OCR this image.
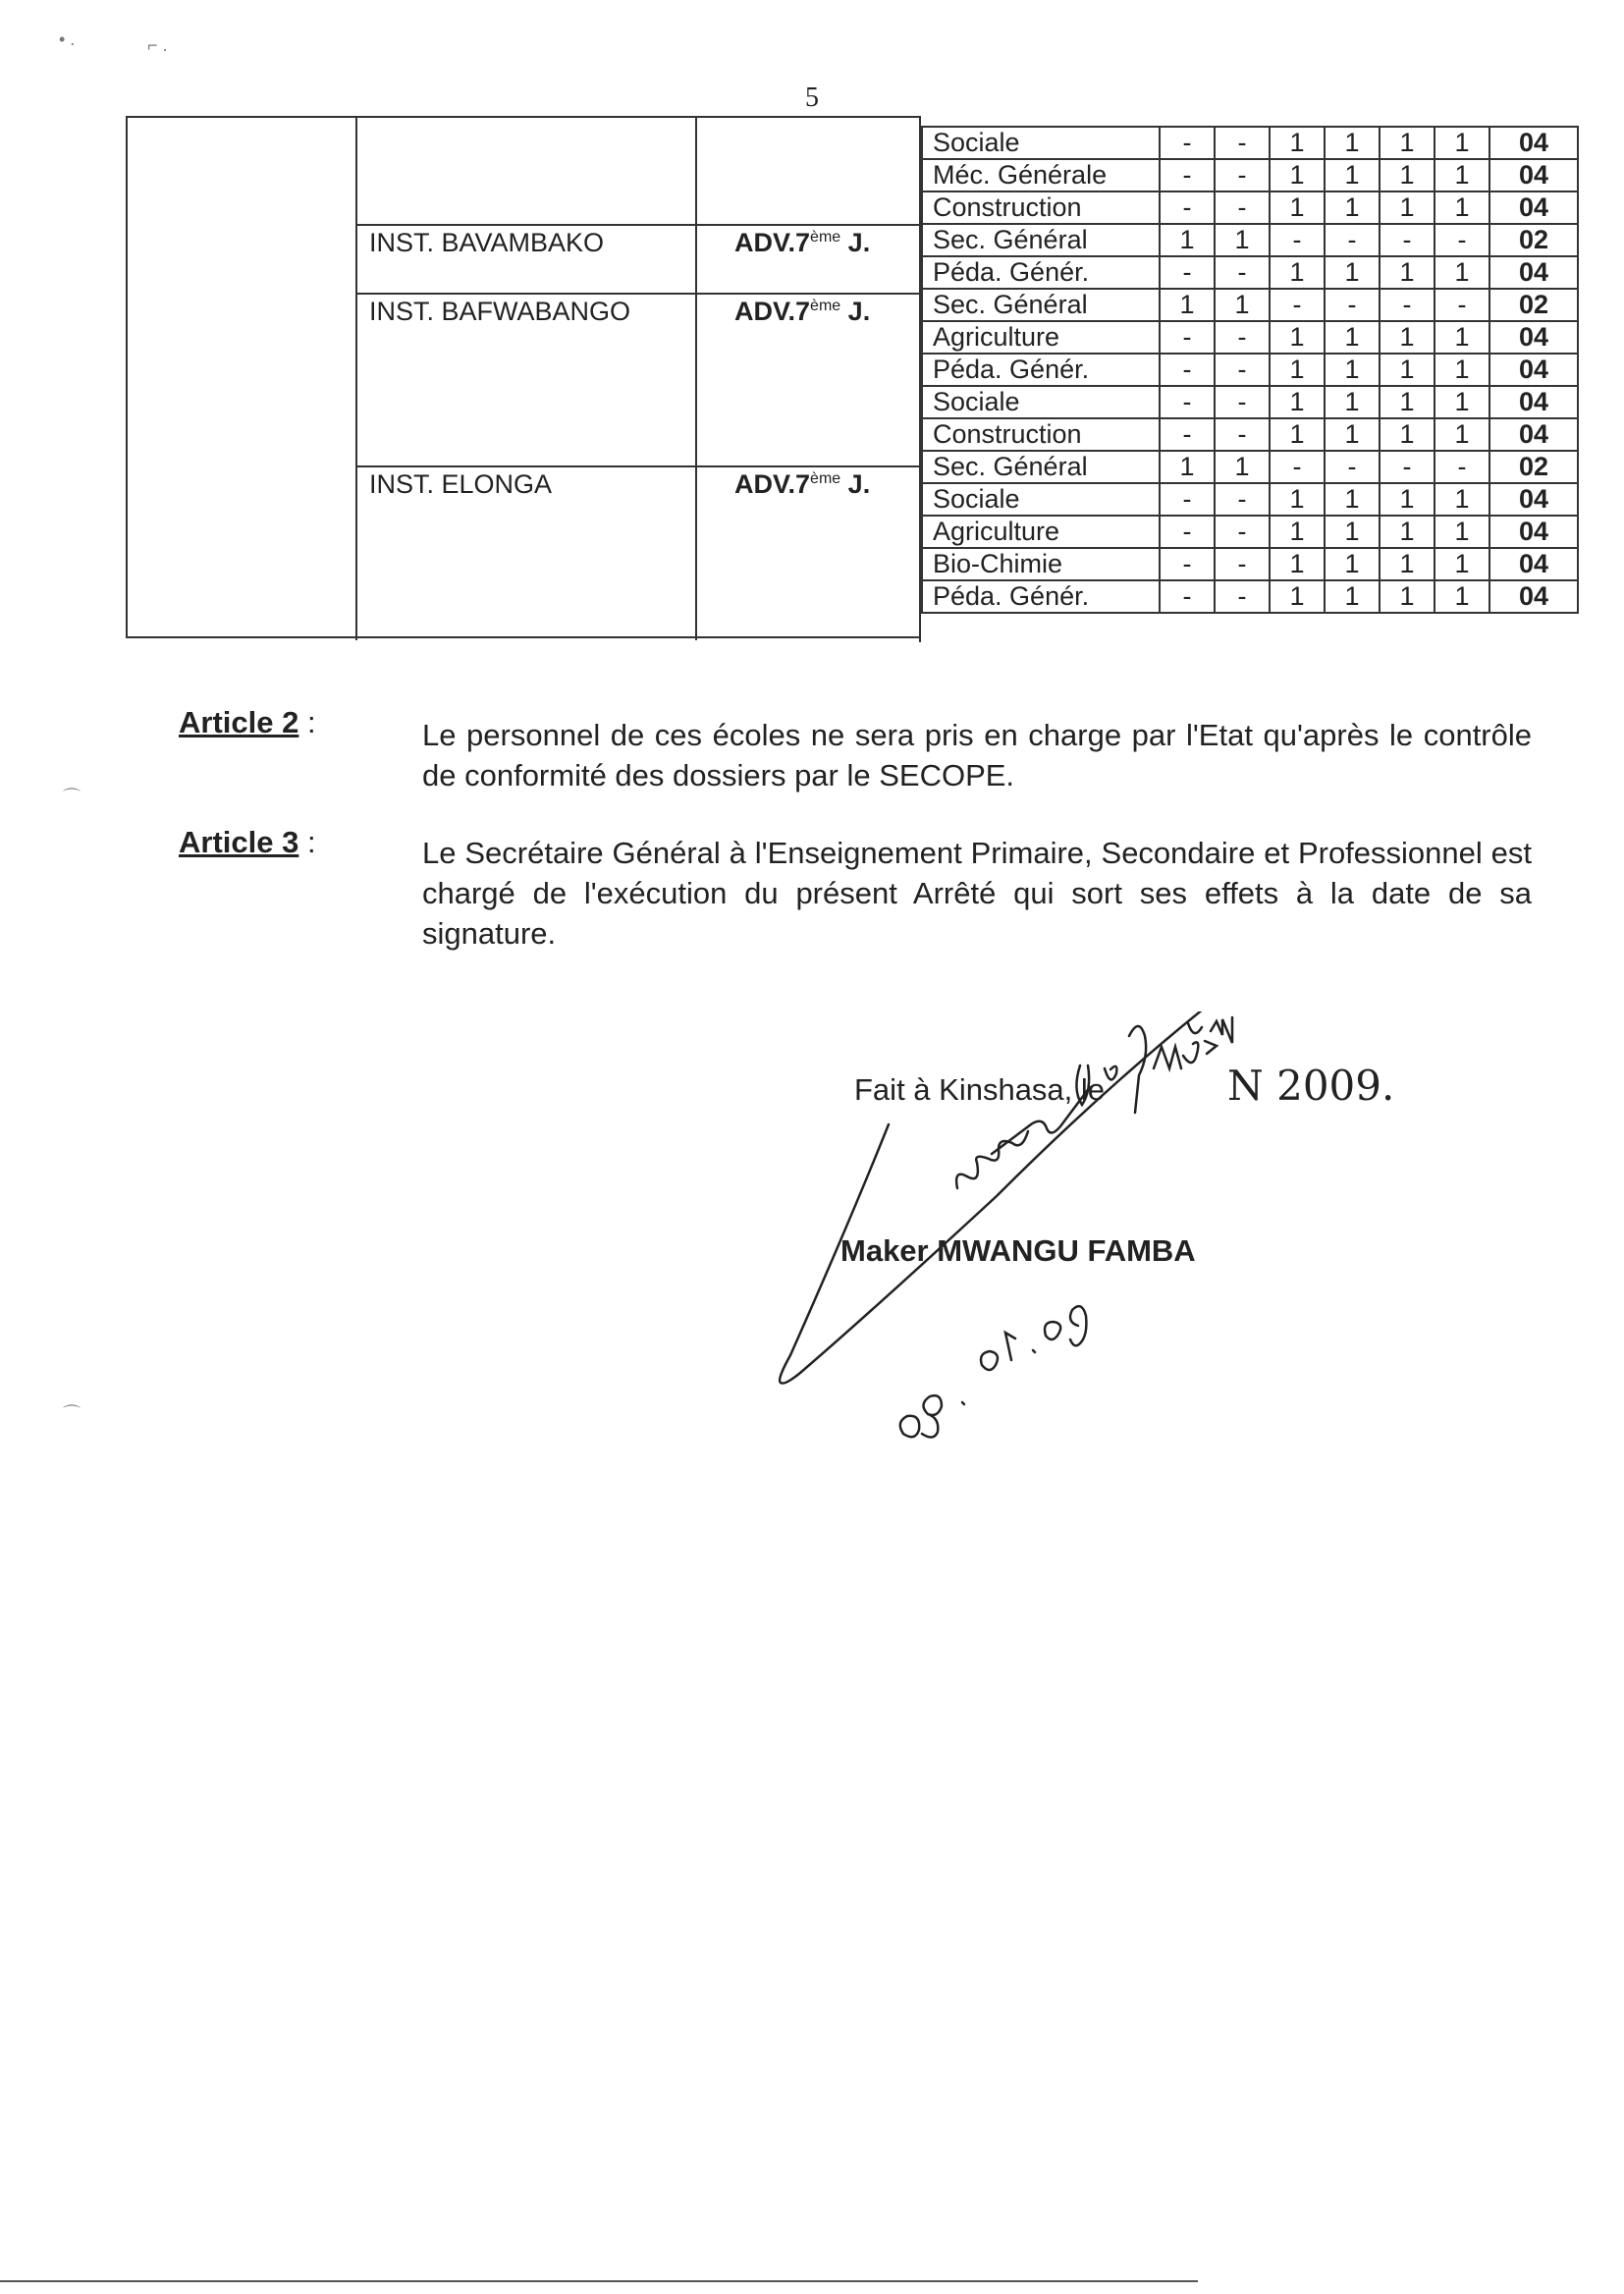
5
INST. BAVAMBAKO	ADV.7ème J.
INST. BAFWABANGO	ADV.7ème J.
INST. ELONGA	ADV.7ème J.
Sociale	-	-	1	1	1	1	04
Méc. Générale	-	-	1	1	1	1	04
Construction	-	-	1	1	1	1	04
Sec. Général	1	1	-	-	-	-	02
Péda. Génér.	-	-	1	1	1	1	04
Sec. Général	1	1	-	-	-	-	02
Agriculture	-	-	1	1	1	1	04
Péda. Génér.	-	-	1	1	1	1	04
Sociale	-	-	1	1	1	1	04
Construction	-	-	1	1	1	1	04
Sec. Général	1	1	-	-	-	-	02
Sociale	-	-	1	1	1	1	04
Agriculture	-	-	1	1	1	1	04
Bio-Chimie	-	-	1	1	1	1	04
Péda. Génér.	-	-	1	1	1	1	04
Article 2 :	Le personnel de ces écoles ne sera pris en charge par l'Etat qu'après le contrôle de conformité des dossiers par le SECOPE.
Article 3 :	Le Secrétaire Général à l'Enseignement Primaire, Secondaire et Professionnel est chargé de l'exécution du présent Arrêté qui sort ses effets à la date de sa signature.
Fait à Kinshasa, le	N 2009.
Maker MWANGU FAMBA
• .	⌐ .
⌒
⌒
